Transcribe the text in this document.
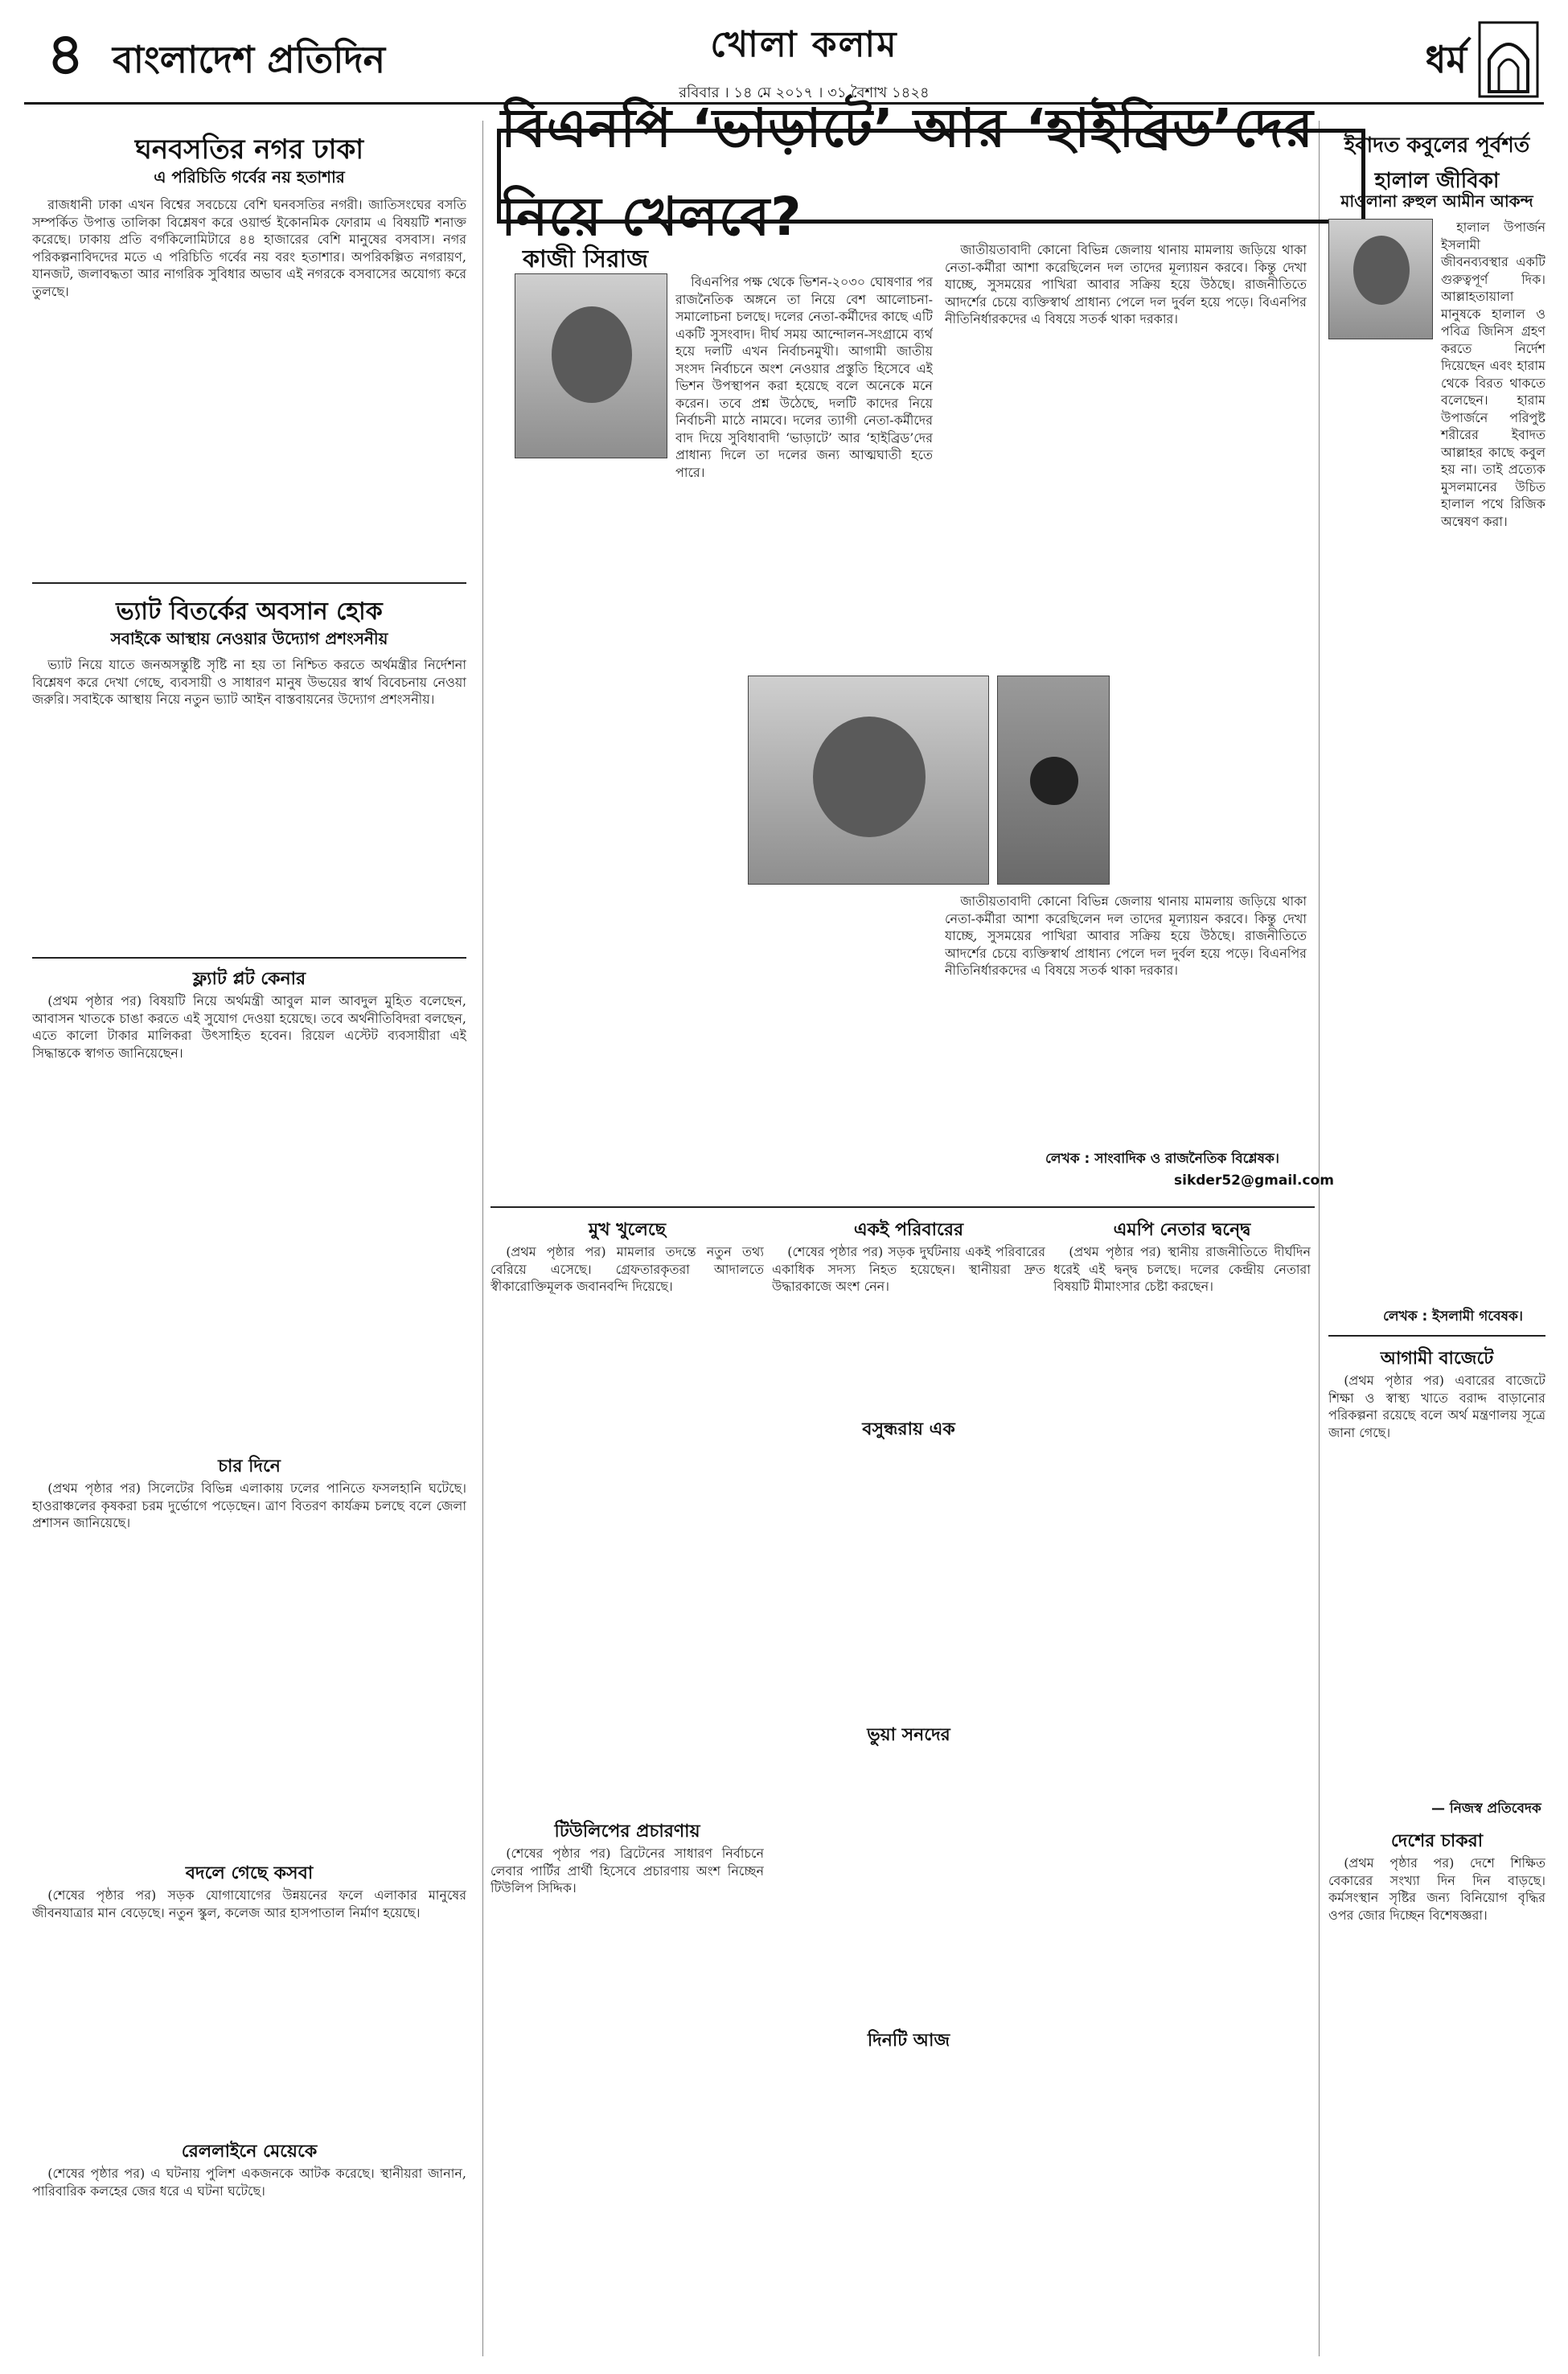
৪ বাংলাদেশ প্রতিদিন	খোলা কলাম
রবিবার । ১৪ মে ২০১৭ । ৩১ বৈশাখ ১৪২৪
ধর্ম
ঘনবসতির নগর ঢাকা
এ পরিচিতি গর্বের নয় হতাশার

রাজধানী ঢাকা এখন বিশ্বের সবচেয়ে বেশি ঘনবসতির নগরী। জাতিসংঘের বসতি সম্পর্কিত উপাত্ত তালিকা বিশ্লেষণ করে ওয়ার্ল্ড ইকোনমিক ফোরাম এ বিষয়টি শনাক্ত করেছে। ঢাকায় প্রতি বর্গকিলোমিটারে ৪৪ হাজারের বেশি মানুষের বসবাস। নগর পরিকল্পনাবিদদের মতে এ পরিচিতি গর্বের নয় বরং হতাশার। অপরিকল্পিত নগরায়ণ, যানজট, জলাবদ্ধতা আর নাগরিক সুবিধার অভাব এই নগরকে বসবাসের অযোগ্য করে তুলছে।

ভ্যাট বিতর্কের অবসান হোক
সবাইকে আস্থায় নেওয়ার উদ্যোগ প্রশংসনীয়

ভ্যাট নিয়ে যাতে জনঅসন্তুষ্টি সৃষ্টি না হয় তা নিশ্চিত করতে অর্থমন্ত্রীর নির্দেশনা বিশ্লেষণ করে দেখা গেছে, ব্যবসায়ী ও সাধারণ মানুষ উভয়ের স্বার্থ বিবেচনায় নেওয়া জরুরি। সবাইকে আস্থায় নিয়ে নতুন ভ্যাট আইন বাস্তবায়নের উদ্যোগ প্রশংসনীয়।

ফ্ল্যাট প্লট কেনার

(প্রথম পৃষ্ঠার পর) বিষয়টি নিয়ে অর্থমন্ত্রী আবুল মাল আবদুল মুহিত বলেছেন, আবাসন খাতকে চাঙা করতে এই সুযোগ দেওয়া হয়েছে। তবে অর্থনীতিবিদরা বলছেন, এতে কালো টাকার মালিকরা উৎসাহিত হবেন। রিয়েল এস্টেট ব্যবসায়ীরা এই সিদ্ধান্তকে স্বাগত জানিয়েছেন।

চার দিনে

(প্রথম পৃষ্ঠার পর) সিলেটের বিভিন্ন এলাকায় ঢলের পানিতে ফসলহানি ঘটেছে। হাওরাঞ্চলের কৃষকরা চরম দুর্ভোগে পড়েছেন। ত্রাণ বিতরণ কার্যক্রম চলছে বলে জেলা প্রশাসন জানিয়েছে।

বদলে গেছে কসবা

(শেষের পৃষ্ঠার পর) সড়ক যোগাযোগের উন্নয়নের ফলে এলাকার মানুষের জীবনযাত্রার মান বেড়েছে। নতুন স্কুল, কলেজ আর হাসপাতাল নির্মাণ হয়েছে।

রেললাইনে মেয়েকে

(শেষের পৃষ্ঠার পর) এ ঘটনায় পুলিশ একজনকে আটক করেছে। স্থানীয়রা জানান, পারিবারিক কলহের জের ধরে এ ঘটনা ঘটেছে।

বিএনপি ‘ভাড়াটে’ আর ‘হাইব্রিড’দের নিয়ে খেলবে?
কাজী সিরাজ

বিএনপির পক্ষ থেকে ভিশন-২০৩০ ঘোষণার পর রাজনৈতিক অঙ্গনে তা নিয়ে বেশ আলোচনা-সমালোচনা চলছে। দলের নেতা-কর্মীদের কাছে এটি একটি সুসংবাদ। দীর্ঘ সময় আন্দোলন-সংগ্রামে ব্যর্থ হয়ে দলটি এখন নির্বাচনমুখী। আগামী জাতীয় সংসদ নির্বাচনে অংশ নেওয়ার প্রস্তুতি হিসেবে এই ভিশন উপস্থাপন করা হয়েছে বলে অনেকে মনে করেন। তবে প্রশ্ন উঠেছে, দলটি কাদের নিয়ে নির্বাচনী মাঠে নামবে। দলের ত্যাগী নেতা-কর্মীদের বাদ দিয়ে সুবিধাবাদী ‘ভাড়াটে’ আর ‘হাইব্রিড’দের প্রাধান্য দিলে তা দলের জন্য আত্মঘাতী হতে পারে।

জাতীয়তাবাদী কোনো বিভিন্ন জেলায় থানায় মামলায় জড়িয়ে থাকা নেতা-কর্মীরা আশা করেছিলেন দল তাদের মূল্যায়ন করবে। কিন্তু দেখা যাচ্ছে, সুসময়ের পাখিরা আবার সক্রিয় হয়ে উঠছে। রাজনীতিতে আদর্শের চেয়ে ব্যক্তিস্বার্থ প্রাধান্য পেলে দল দুর্বল হয়ে পড়ে। বিএনপির নীতিনির্ধারকদের এ বিষয়ে সতর্ক থাকা দরকার।

জাতীয়তাবাদী কোনো বিভিন্ন জেলায় থানায় মামলায় জড়িয়ে থাকা নেতা-কর্মীরা আশা করেছিলেন দল তাদের মূল্যায়ন করবে। কিন্তু দেখা যাচ্ছে, সুসময়ের পাখিরা আবার সক্রিয় হয়ে উঠছে। রাজনীতিতে আদর্শের চেয়ে ব্যক্তিস্বার্থ প্রাধান্য পেলে দল দুর্বল হয়ে পড়ে। বিএনপির নীতিনির্ধারকদের এ বিষয়ে সতর্ক থাকা দরকার।

লেখক : সাংবাদিক ও রাজনৈতিক বিশ্লেষক।
sikder52@gmail.com
মুখ খুলেছে

(প্রথম পৃষ্ঠার পর) মামলার তদন্তে নতুন তথ্য বেরিয়ে এসেছে। গ্রেফতারকৃতরা আদালতে স্বীকারোক্তিমূলক জবানবন্দি দিয়েছে।

একই পরিবারের

(শেষের পৃষ্ঠার পর) সড়ক দুর্ঘটনায় একই পরিবারের একাধিক সদস্য নিহত হয়েছেন। স্থানীয়রা দ্রুত উদ্ধারকাজে অংশ নেন।

বসুন্ধরায় এক
ভুয়া সনদের
দিনটি আজ
এমপি নেতার দ্বন্দ্বে

(প্রথম পৃষ্ঠার পর) স্থানীয় রাজনীতিতে দীর্ঘদিন ধরেই এই দ্বন্দ্ব চলছে। দলের কেন্দ্রীয় নেতারা বিষয়টি মীমাংসার চেষ্টা করছেন।

টিউলিপের প্রচারণায়

(শেষের পৃষ্ঠার পর) ব্রিটেনের সাধারণ নির্বাচনে লেবার পার্টির প্রার্থী হিসেবে প্রচারণায় অংশ নিচ্ছেন টিউলিপ সিদ্দিক।

ইবাদত কবুলের পূর্বশর্ত হালাল জীবিকা
মাওলানা রুহুল আমীন আকন্দ

হালাল উপার্জন ইসলামী জীবনব্যবস্থার একটি গুরুত্বপূর্ণ দিক। আল্লাহতায়ালা মানুষকে হালাল ও পবিত্র জিনিস গ্রহণ করতে নির্দেশ দিয়েছেন এবং হারাম থেকে বিরত থাকতে বলেছেন। হারাম উপার্জনে পরিপুষ্ট শরীরের ইবাদত আল্লাহর কাছে কবুল হয় না। তাই প্রত্যেক মুসলমানের উচিত হালাল পথে রিজিক অন্বেষণ করা।

লেখক : ইসলামী গবেষক।
আগামী বাজেটে

(প্রথম পৃষ্ঠার পর) এবারের বাজেটে শিক্ষা ও স্বাস্থ্য খাতে বরাদ্দ বাড়ানোর পরিকল্পনা রয়েছে বলে অর্থ মন্ত্রণালয় সূত্রে জানা গেছে।

— নিজস্ব প্রতিবেদক
দেশের চাকরা

(প্রথম পৃষ্ঠার পর) দেশে শিক্ষিত বেকারের সংখ্যা দিন দিন বাড়ছে। কর্মসংস্থান সৃষ্টির জন্য বিনিয়োগ বৃদ্ধির ওপর জোর দিচ্ছেন বিশেষজ্ঞরা।
